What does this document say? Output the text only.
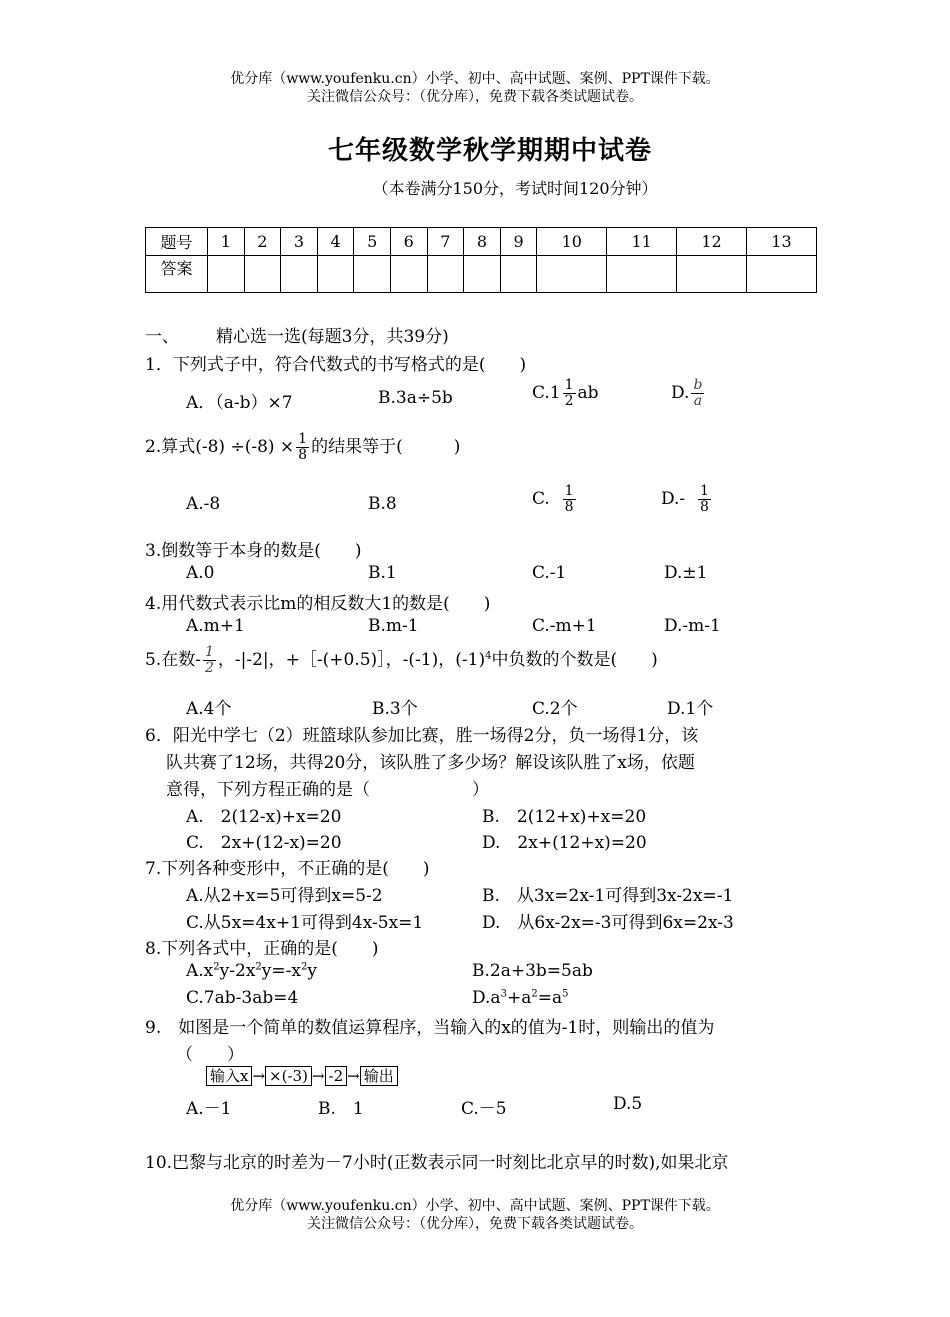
优分库（www.youfenku.cn）小学、初中、高中试题、案例、PPT课件下载。
关注微信公众号：（优分库），免费下载各类试题试卷。
七年级数学秋学期期中试卷
（本卷满分150分，考试时间120分钟）
题号	1	2	3	4	5	6	7	8	9	10	11	12	13
答案													
一、 精心选一选(每题3分，共39分)
1．下列式子中，符合代数式的书写格式的是(　　)
A．（a-b）×7	B.3a÷5b	$C.1 \frac{1}{2}$ ab	D. $\frac{b}{a}$
2.算式$(-8) \div(-8) \times \frac{1}{8}$ 的结果等于(　　　)
A.-8	B.8	C. $\frac{1}{8}$	$D.- \frac{1}{8}$
3.倒数等于本身的数是(　　)
A.0	B.1	C.-1	D.±1
4.用代数式表示比m的相反数大1的数是(　　)
A.m+1	B.m-1	C.-m+1	D.-m-1
5.在数- $\frac{1}{2}$ ，-|-2|，+［-(+0.5)］，-(-1)，$(-1)^4$中负数的个数是(　　)
A.4个	B.3个	C.2个	D.1个
6．阳光中学七（2）班篮球队参加比赛，胜一场得2分，负一场得1分，该
队共赛了12场，共得20分，该队胜了多少场？解设该队胜了x场，依题
意得，下列方程正确的是（　　　　　　）
A.　2(12-x)+x=20	B.　2(12+x)+x=20
C.　2x+(12-x)=20	D.　2x+(12+x)=20
7.下列各种变形中，不正确的是(　　)
A.从2+x=5可得到x=5-2	B.　从3x=2x-1可得到3x-2x=-1
C.从5x=4x+1可得到4x-5x=1	D.　从6x-2x=-3可得到6x=2x-3
8.下列各式中，正确的是(　　)
$A.x^2y-2x^2y=-x^2y$	B.2a+3b=5ab
C.7ab-3ab=4	$D.a^3+a^2=a^5$
9.　如图是一个简单的数值运算程序，当输入的x的值为-1时，则输出的值为
（　　）
输入x → ×(-3) → -2 → 输出
A.－1	B.　1	C.－5	D.5
10.巴黎与北京的时差为－7小时(正数表示同一时刻比北京早的时数),如果北京
优分库（www.youfenku.cn）小学、初中、高中试题、案例、PPT课件下载。
关注微信公众号：（优分库），免费下载各类试题试卷。
